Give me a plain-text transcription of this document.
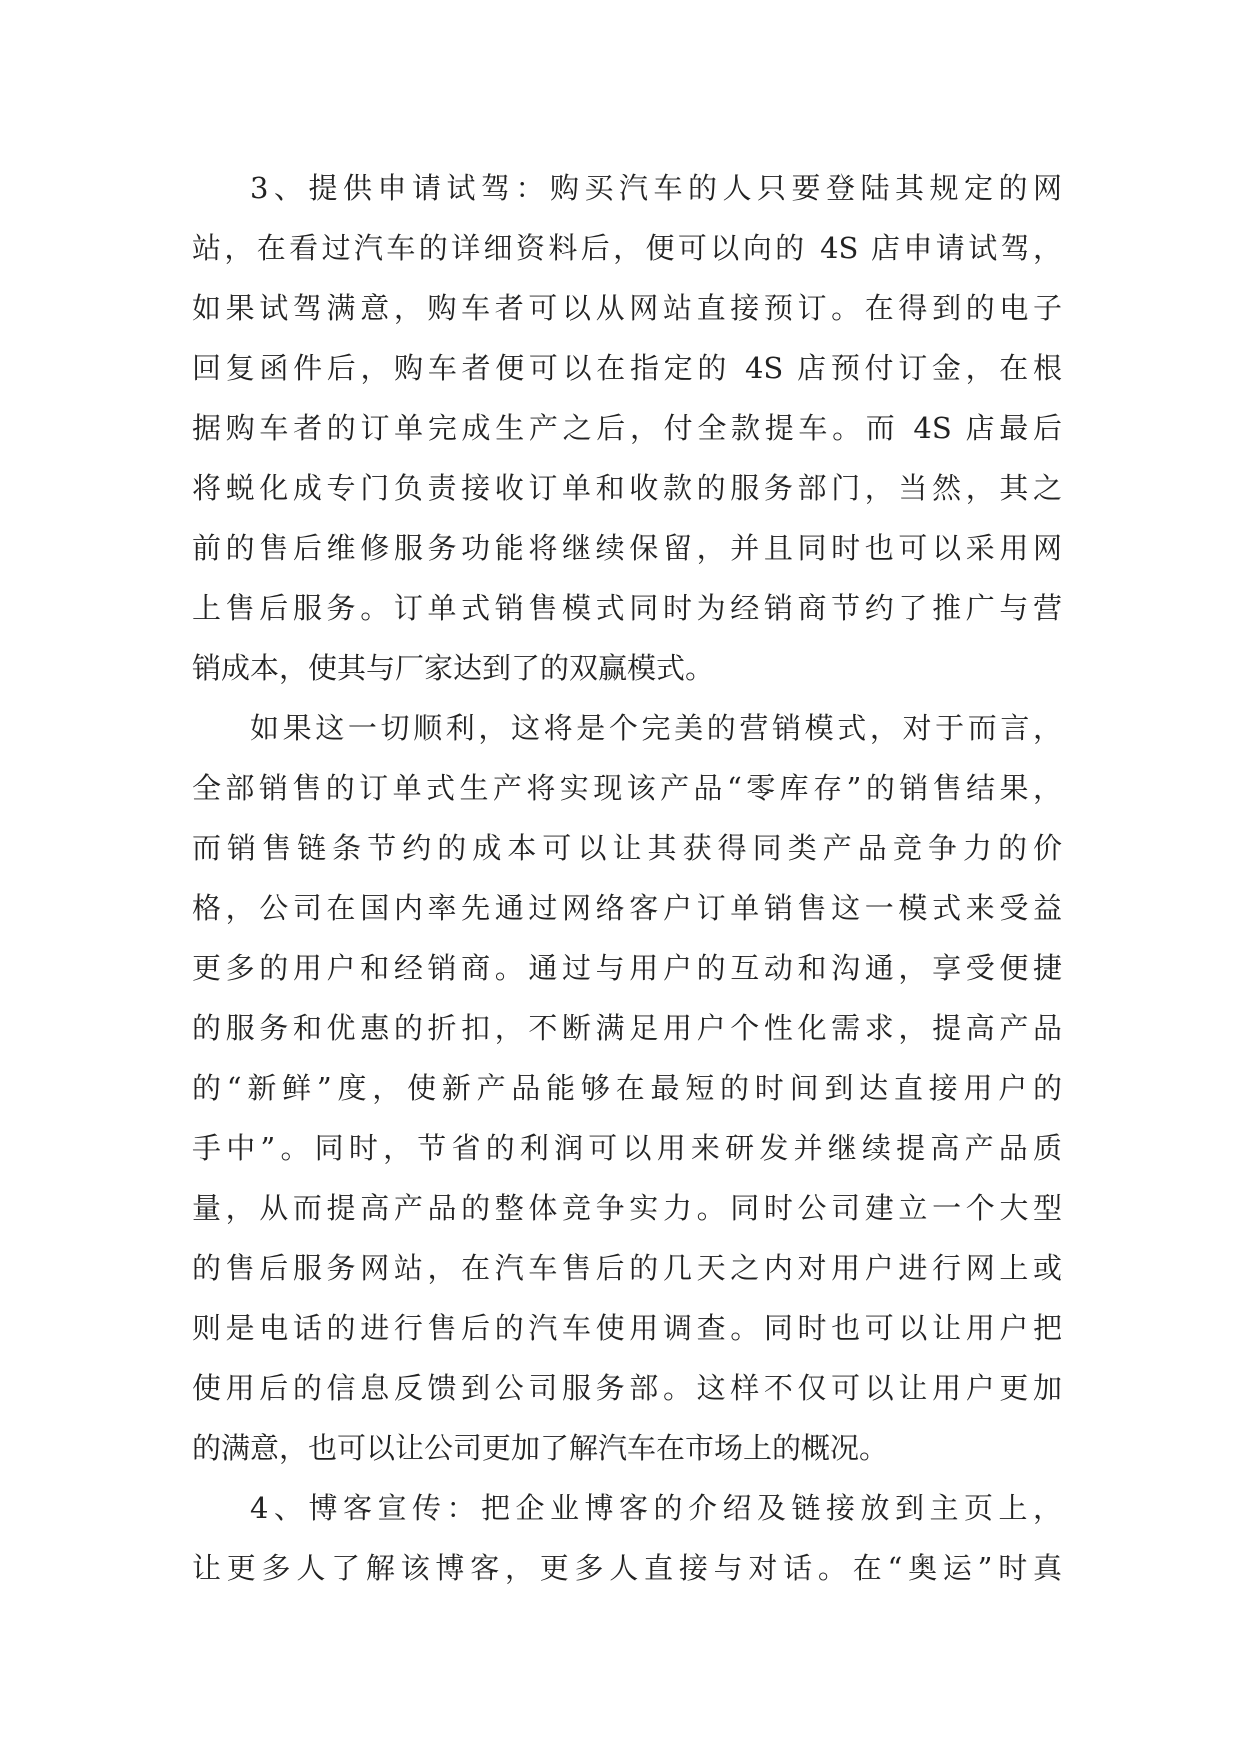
3、提供申请试驾：购买汽车的人只要登陆其规定的网
站，在看过汽车的详细资料后，便可以向的 4S 店申请试驾，
如果试驾满意，购车者可以从网站直接预订。在得到的电子
回复函件后，购车者便可以在指定的 4S 店预付订金，在根
据购车者的订单完成生产之后，付全款提车。而 4S 店最后
将蜕化成专门负责接收订单和收款的服务部门，当然，其之
前的售后维修服务功能将继续保留，并且同时也可以采用网
上售后服务。订单式销售模式同时为经销商节约了推广与营
销成本，使其与厂家达到了的双赢模式。
如果这一切顺利，这将是个完美的营销模式，对于而言，
全部销售的订单式生产将实现该产品“零库存”的销售结果，
而销售链条节约的成本可以让其获得同类产品竞争力的价
格，公司在国内率先通过网络客户订单销售这一模式来受益
更多的用户和经销商。通过与用户的互动和沟通，享受便捷
的服务和优惠的折扣，不断满足用户个性化需求，提高产品
的“新鲜”度，使新产品能够在最短的时间到达直接用户的
手中”。同时，节省的利润可以用来研发并继续提高产品质
量，从而提高产品的整体竞争实力。同时公司建立一个大型
的售后服务网站，在汽车售后的几天之内对用户进行网上或
则是电话的进行售后的汽车使用调查。同时也可以让用户把
使用后的信息反馈到公司服务部。这样不仅可以让用户更加
的满意，也可以让公司更加了解汽车在市场上的概况。
4、博客宣传：把企业博客的介绍及链接放到主页上，
让更多人了解该博客，更多人直接与对话。在“奥运”时真
